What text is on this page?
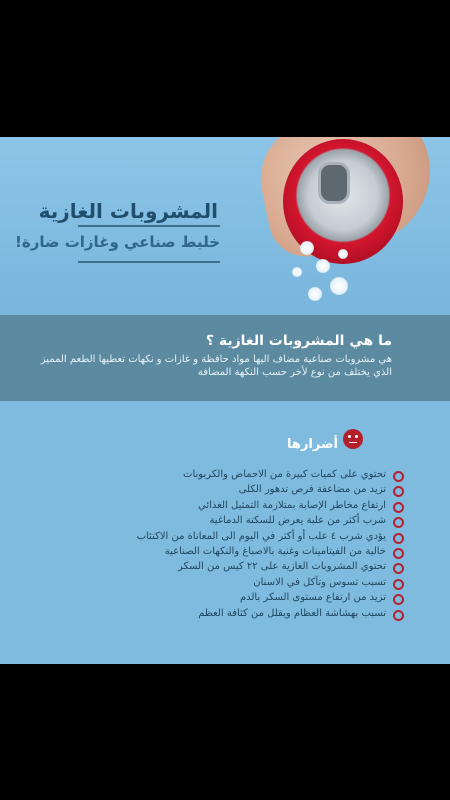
المشروبات الغازية
خليط صناعي وغازات ضارة!
ما هي المشروبات الغازية ؟
هي مشروبات صناعية مضاف اليها مواد حافظة و غازات و نكهات تعطيها الطعم المميز الذي يختلف من نوع لأخر حسب النكهة المضافة
أضرارها
تحتوي على كميات كبيرة من الاحماض والكربونات
تزيد من مضاعفة فرص تدهور الكلى
ارتفاع مخاطر الإصابة بمتلازمة التمثيل الغذائي
شرب أكثر من علبة يعرض للسكتة الدماغية
يؤدي شرب ٤ علب أو أكثر في اليوم الى المعاناة من الاكتئاب
خالية من الفيتامينات وغنية بالاصباغ والنكهات الصناعية
تحتوي المشروبات الغازية على ٢٢ كيس من السكر
تسبب تسوس وتآكل في الاسنان
تزيد من ارتفاع مستوى السكر بالدم
تسبب بهشاشة العظام ويقلل من كثافة العظم
